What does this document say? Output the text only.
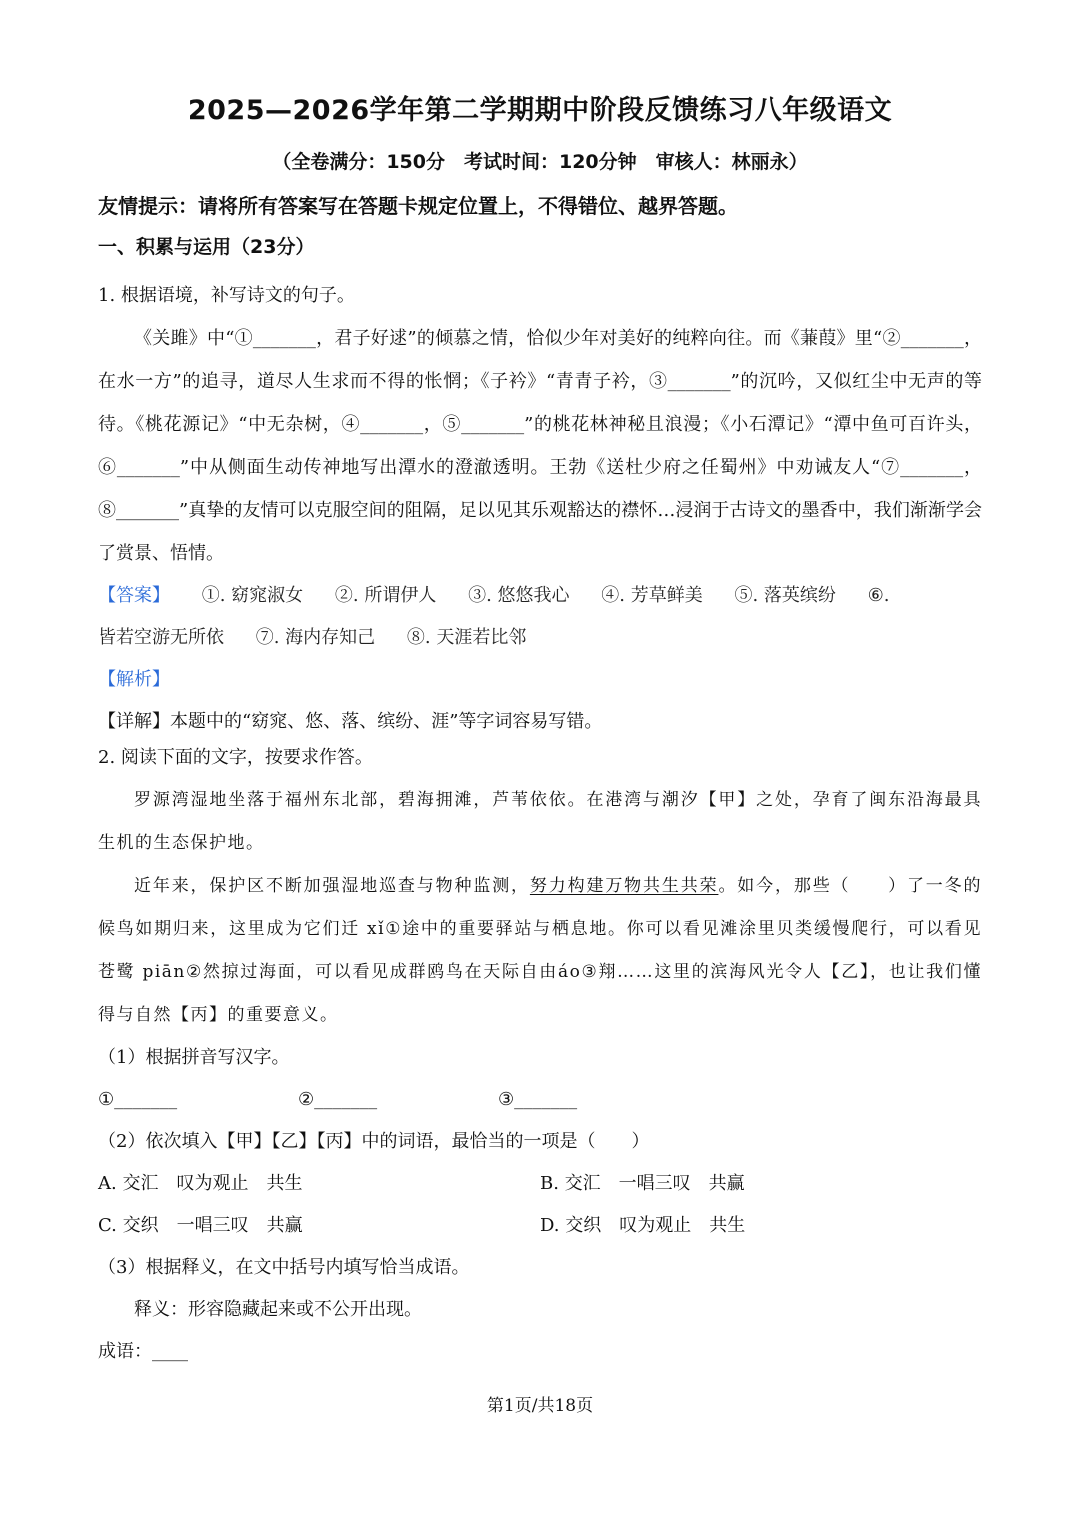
2025—2026学年第二学期期中阶段反馈练习八年级语文
（全卷满分：150分　考试时间：120分钟　审核人：林丽永）
友情提示：请将所有答案写在答题卡规定位置上，不得错位、越界答题。
一、积累与运用（23分）
1. 根据语境，补写诗文的句子。

《关雎》中“①_______，君子好逑”的倾慕之情，恰似少年对美好的纯粹向往。而《蒹葭》里“②_______，在水一方”的追寻，道尽人生求而不得的怅惘；《子衿》“青青子衿，③_______”的沉吟，又似红尘中无声的等待。《桃花源记》“中无杂树，④_______，⑤_______”的桃花林神秘且浪漫；《小石潭记》“潭中鱼可百许头，⑥_______”中从侧面生动传神地写出潭水的澄澈透明。王勃《送杜少府之任蜀州》中劝诫友人“⑦_______，⑧_______”真挚的友情可以克服空间的阻隔，足以见其乐观豁达的襟怀…浸润于古诗文的墨香中，我们渐渐学会了赏景、悟情。

【答案】 ①. 窈窕淑女 ②. 所谓伊人 ③. 悠悠我心 ④. 芳草鲜美 ⑤. 落英缤纷 ⑥.
皆若空游无所依 ⑦. 海内存知己 ⑧. 天涯若比邻
【解析】
【详解】本题中的“窈窕、悠、落、缤纷、涯”等字词容易写错。
2. 阅读下面的文字，按要求作答。

罗源湾湿地坐落于福州东北部，碧海拥滩，芦苇依依。在港湾与潮汐【甲】之处，孕育了闽东沿海最具生机的生态保护地。

近年来，保护区不断加强湿地巡查与物种监测，努力构建万物共生共荣。如今，那些（　　）了一冬的候鸟如期归来，这里成为它们迁 xǐ①途中的重要驿站与栖息地。你可以看见滩涂里贝类缓慢爬行，可以看见苍鹭 piān②然掠过海面，可以看见成群鸥鸟在天际自由áo③翔……这里的滨海风光令人【乙】，也让我们懂得与自然【丙】的重要意义。

（1）根据拼音写汉字。
①_______	②_______	③_______
（2）依次填入【甲】【乙】【丙】中的词语，最恰当的一项是（　　）
A. 交汇　叹为观止　共生	B. 交汇　一唱三叹　共赢
C. 交织　一唱三叹　共赢	D. 交织　叹为观止　共生
（3）根据释义，在文中括号内填写恰当成语。
释义：形容隐藏起来或不公开出现。
成语：____
第1页/共18页
